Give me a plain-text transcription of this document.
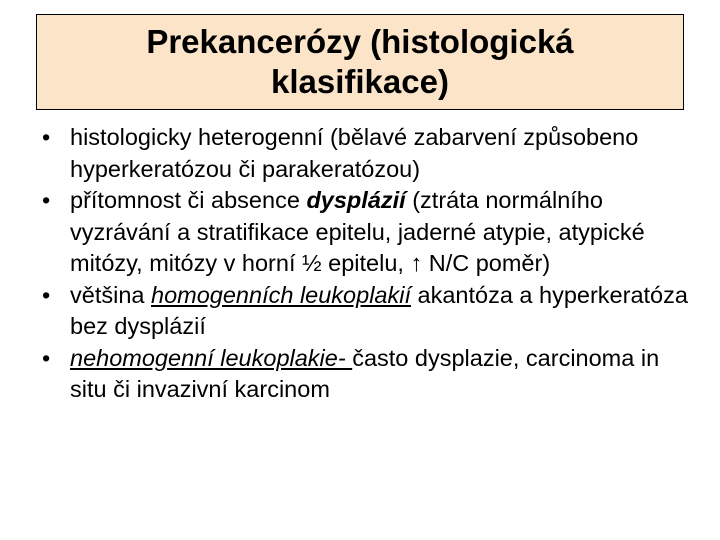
Prekancerózy (histologická
klasifikace)
• histologicky heterogenní (bělavé zabarvení způsobeno hyperkeratózou či parakeratózou)
• přítomnost či absence dysplázií (ztráta normálního vyzrávání a stratifikace epitelu, jaderné atypie, atypické mitózy, mitózy v horní ½ epitelu, ↑ N/C poměr)
• většina homogenních leukoplakií akantóza a hyperkeratóza bez dysplázií
• nehomogenní leukoplakie- často dysplazie, carcinoma in situ či invazivní karcinom
